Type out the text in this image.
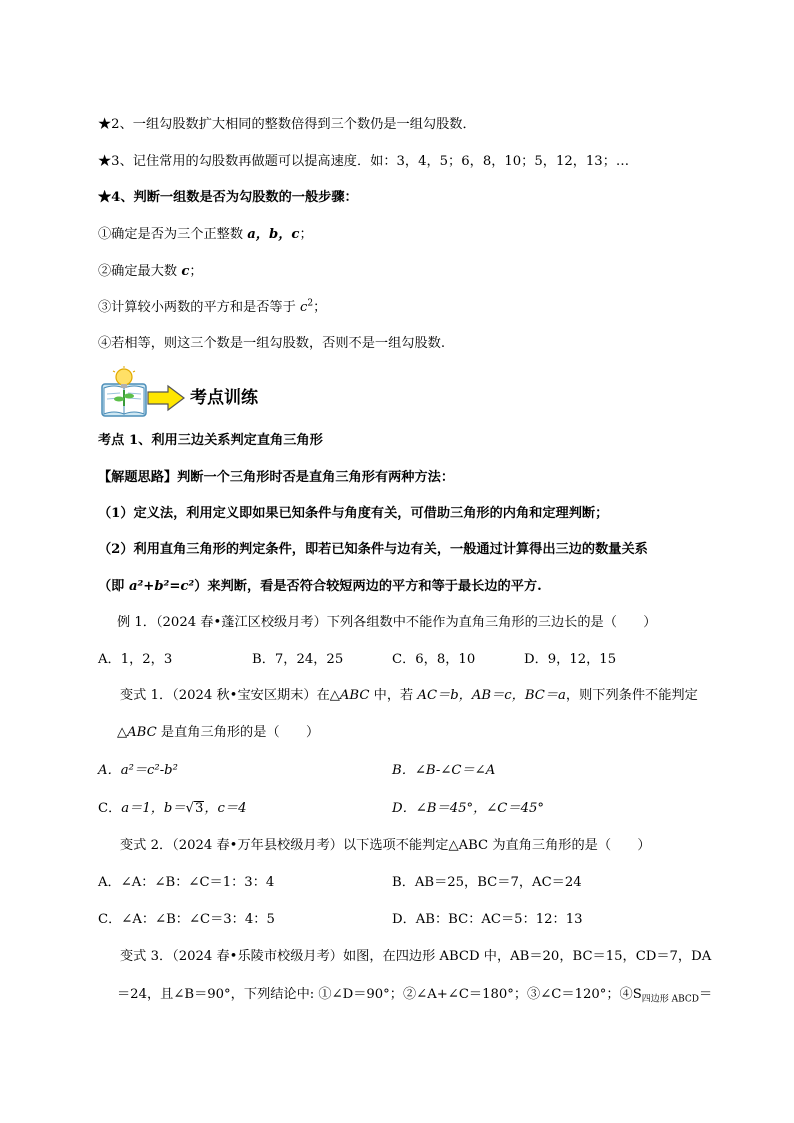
★2、一组勾股数扩大相同的整数倍得到三个数仍是一组勾股数．
★3、记住常用的勾股数再做题可以提高速度．如：3，4，5；6，8，10；5，12，13；…
★4、判断一组数是否为勾股数的一般步骤：
①确定是否为三个正整数 a，b，c；
②确定最大数 c；
③计算较小两数的平方和是否等于 $c^2$；
④若相等，则这三个数是一组勾股数，否则不是一组勾股数.
考点训练
考点 1、利用三边关系判定直角三角形
【解题思路】判断一个三角形时否是直角三角形有两种方法：
（1）定义法，利用定义即如果已知条件与角度有关，可借助三角形的内角和定理判断；
（2）利用直角三角形的判定条件，即若已知条件与边有关，一般通过计算得出三边的数量关系
（即 a²+b²=c²）来判断，看是否符合较短两边的平方和等于最长边的平方.
例 1．（2024 春•蓬江区校级月考）下列各组数中不能作为直角三角形的三边长的是（　　）
A．1，2，3	B．7，24，25	C．6，8，10	D．9，12，15
变式 1．（2024 秋•宝安区期末）在△ABC 中，若 AC＝b，AB＝c，BC＝a，则下列条件不能判定
△ABC 是直角三角形的是（　　）
A．a²＝c²-b²	B．∠B-∠C＝∠A
C．a＝1，b＝√3，c＝4	D．∠B＝45°，∠C＝45°
变式 2．（2024 春•万年县校级月考）以下选项不能判定△ABC 为直角三角形的是（　　）
A．∠A：∠B：∠C＝1：3：4	B．AB＝25，BC＝7，AC＝24
C．∠A：∠B：∠C＝3：4：5	D．AB：BC：AC＝5：12：13
变式 3．（2024 春•乐陵市校级月考）如图，在四边形 ABCD 中，AB＝20，BC＝15，CD＝7，DA
＝24，且∠B＝90°，下列结论中: ①∠D＝90°；②∠A+∠C＝180°；③∠C＝120°；$④S_{四边形 ABCD}=$
